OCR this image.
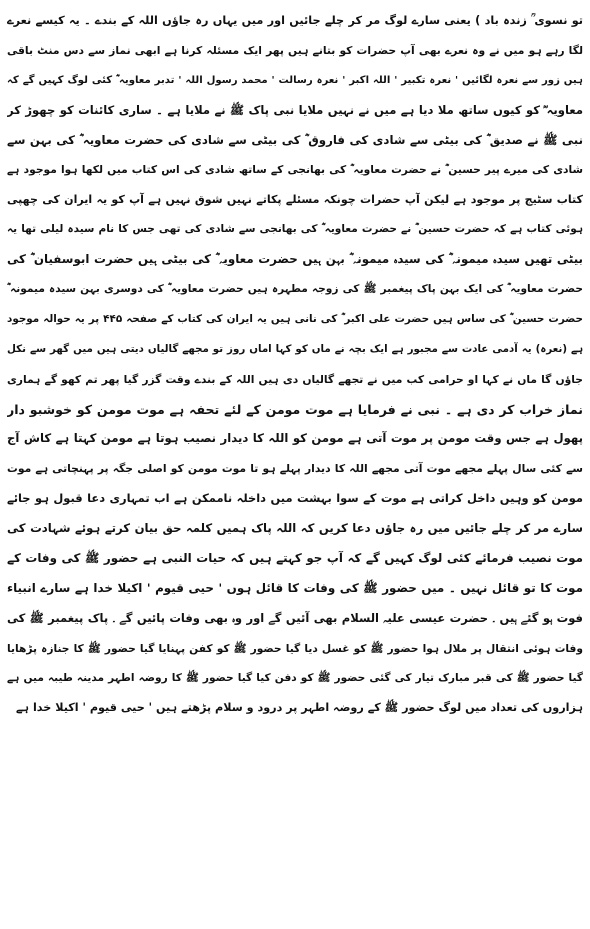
تو نسوی ؒ زندہ باد ) یعنی سارے لوگ مر کر چلے جائیں اور میں یہاں رہ جاؤں اللہ کے بندے ۔ یہ کیسے نعرے
لگا رہے ہو میں نے وہ نعرے بھی آپ حضرات کو بتانے ہیں پھر ایک مسئلہ کرنا ہے ابھی نماز سے دس منٹ باقی
ہیں زور سے نعرہ لگائیں ' نعرہ تکبیر ' اللہ اکبر ' نعرہ رسالت ' محمد رسول اللہ ' تدبر معاویہ ؓ کئی لوگ کہیں گے کہ
معاویہ ؓ کو کیوں ساتھ ملا دیا ہے میں نے نہیں ملایا نبی پاک ﷺ نے ملایا ہے ۔ ساری کائنات کو چھوڑ کر
نبی ﷺ نے صدیق ؓ کی بیٹی سے شادی کی فاروق ؓ کی بیٹی سے شادی کی حضرت معاویہ ؓ کی بہن سے
شادی کی میرے پیر حسین ؓ نے حضرت معاویہ ؓ کی بھانجی کے ساتھ شادی کی اس کتاب میں لکھا ہوا موجود ہے
کتاب سٹیج پر موجود ہے لیکن آپ حضرات چونکہ مسئلے پکاتے نہیں شوق نہیں ہے آپ کو یہ ایران کی چھپی
ہوئی کتاب ہے کہ حضرت حسین ؓ نے حضرت معاویہ ؓ کی بھانجی سے شادی کی تھی جس کا نام سیدہ لیلی تھا یہ
بیٹی تھیں سیدہ میمونہ ؓ کی سیدہ میمونہ ؓ بہن ہیں حضرت معاویہ ؓ کی بیٹی ہیں حضرت ابوسفیان ؓ کی
حضرت معاویہ ؓ کی ایک بہن پاک پیغمبر ﷺ کی زوجہ مطہرہ ہیں حضرت معاویہ ؓ کی دوسری بہن سیدہ میمونہ ؓ
حضرت حسین ؓ کی ساس ہیں حضرت علی اکبر ؓ کی نانی ہیں یہ ایران کی کتاب کے صفحہ ۴۴۵ پر یہ حوالہ موجود
ہے (نعرہ) یہ آدمی عادت سے مجبور ہے ایک بچہ نے ماں کو کہا اماں روز تو مجھے گالیاں دیتی ہیں میں گھر سے نکل
جاؤں گا ماں نے کہا او حرامی کب میں نے تجھے گالیاں دی ہیں اللہ کے بندے وقت گزر گیا پھر تم کھو گے ہماری
نماز خراب کر دی ہے ۔ نبی نے فرمایا ہے موت مومن کے لئے تحفہ ہے موت مومن کو خوشبو دار
پھول ہے جس وقت مومن پر موت آتی ہے مومن کو اللہ کا دیدار نصیب ہوتا ہے مومن کہتا ہے کاش آج
سے کئی سال پہلے مجھے موت آتی مجھے اللہ کا دیدار پہلے ہو تا موت مومن کو اصلی جگہ پر پہنچاتی ہے موت
مومن کو وہیں داخل کراتی ہے موت کے سوا بہشت میں داخلہ ناممکن ہے اب تمہاری دعا قبول ہو جائے
سارے مر کر چلے جائیں میں رہ جاؤں دعا کریں کہ اللہ پاک ہمیں کلمہ حق بیان کرتے ہوئے شہادت کی
موت نصیب فرمائے کئی لوگ کہیں گے کہ آپ جو کہتے ہیں کہ حیات النبی ہے حضور ﷺ کی وفات کے
موت کا تو قائل نہیں ۔ میں حضور ﷺ کی وفات کا قائل ہوں ' حیی قیوم ' اکیلا خدا ہے سارے انبیاء
فوت ہو گئے ہیں ۔ حضرت عیسی علیہ السلام بھی آئیں گے اور وہ بھی وفات پائیں گے ۔ پاک پیغمبر ﷺ کی
وفات ہوئی انتقال پر ملال ہوا حضور ﷺ کو غسل دیا گیا حضور ﷺ کو کفن پہنایا گیا حضور ﷺ کا جنازہ پڑھایا
گیا حضور ﷺ کی قبر مبارک تیار کی گئی حضور ﷺ کو دفن کیا گیا حضور ﷺ کا روضہ اطہر مدینہ طیبہ میں ہے
ہزاروں کی تعداد میں لوگ حضور ﷺ کے روضہ اطہر پر درود و سلام پڑھتے ہیں ' حیی قیوم ' اکیلا خدا ہے
